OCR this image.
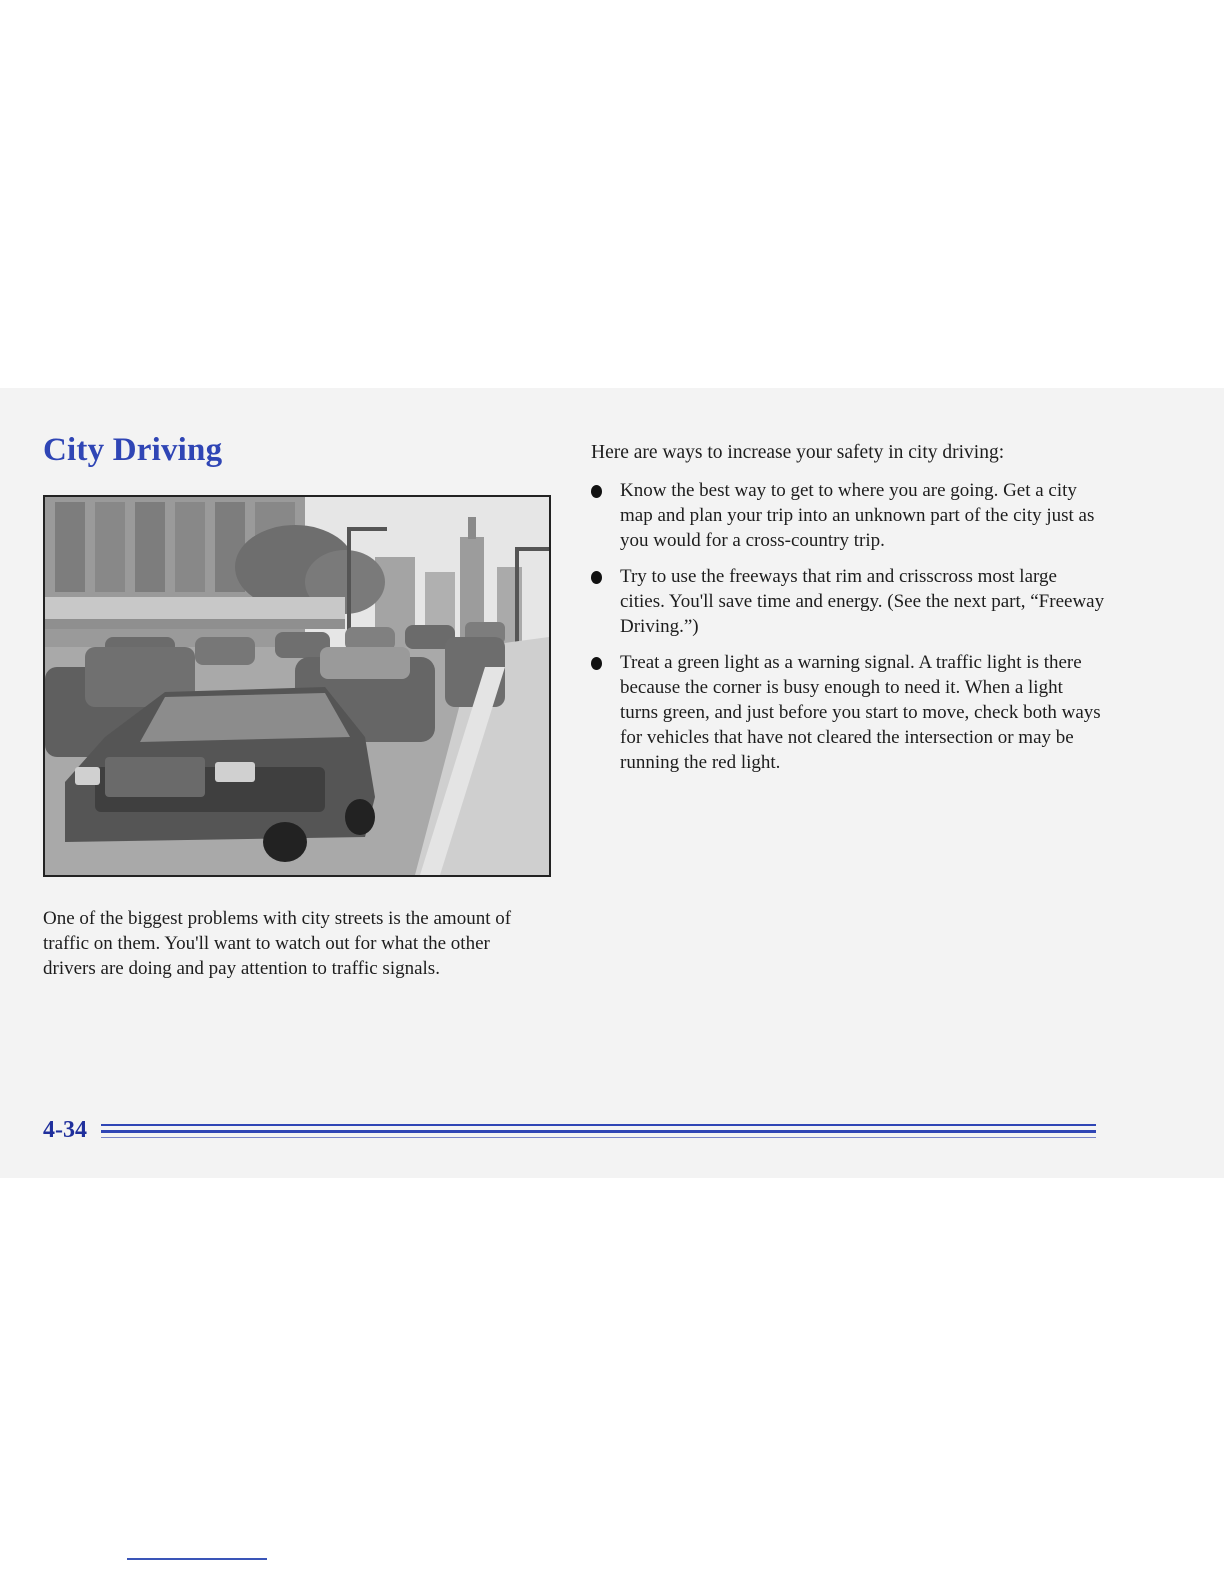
City Driving

One of the biggest problems with city streets is the amount of traffic on them. You'll want to watch out for what the other drivers are doing and pay attention to traffic signals.

Here are ways to increase your safety in city driving:

Know the best way to get to where you are going. Get a city map and plan your trip into an unknown part of the city just as you would for a cross-country trip.
Try to use the freeways that rim and crisscross most large cities. You'll save time and energy. (See the next part, “Freeway Driving.”)
Treat a green light as a warning signal. A traffic light is there because the corner is busy enough to need it. When a light turns green, and just before you start to move, check both ways for vehicles that have not cleared the intersection or may be running the red light.
4-34
